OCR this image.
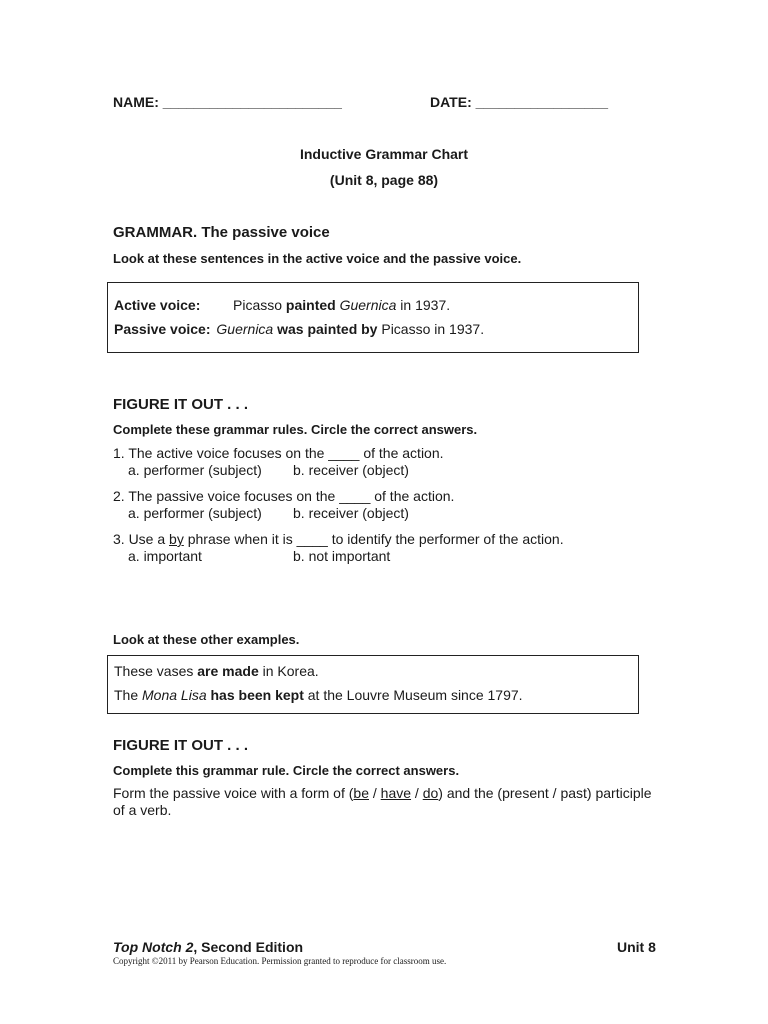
NAME: _______________________	DATE: _________________
Inductive Grammar Chart
(Unit 8, page 88)
GRAMMAR. The passive voice
Look at these sentences in the active voice and the passive voice.
Active voice: Picasso painted Guernica in 1937.
Passive voice: Guernica was painted by Picasso in 1937.
FIGURE IT OUT . . .
Complete these grammar rules. Circle the correct answers.
1. The active voice focuses on the ____ of the action.
a. performer (subject) b. receiver (object)
2. The passive voice focuses on the ____ of the action.
a. performer (subject) b. receiver (object)
3. Use a by phrase when it is ____ to identify the performer of the action.
a. important	b. not important
Look at these other examples.
These vases are made in Korea.
The Mona Lisa has been kept at the Louvre Museum since 1797.
FIGURE IT OUT . . .
Complete this grammar rule. Circle the correct answers.
Form the passive voice with a form of (be / have / do) and the (present / past) participle
of a verb.
Top Notch 2, Second Edition	Unit 8
Copyright ©2011 by Pearson Education. Permission granted to reproduce for classroom use.
